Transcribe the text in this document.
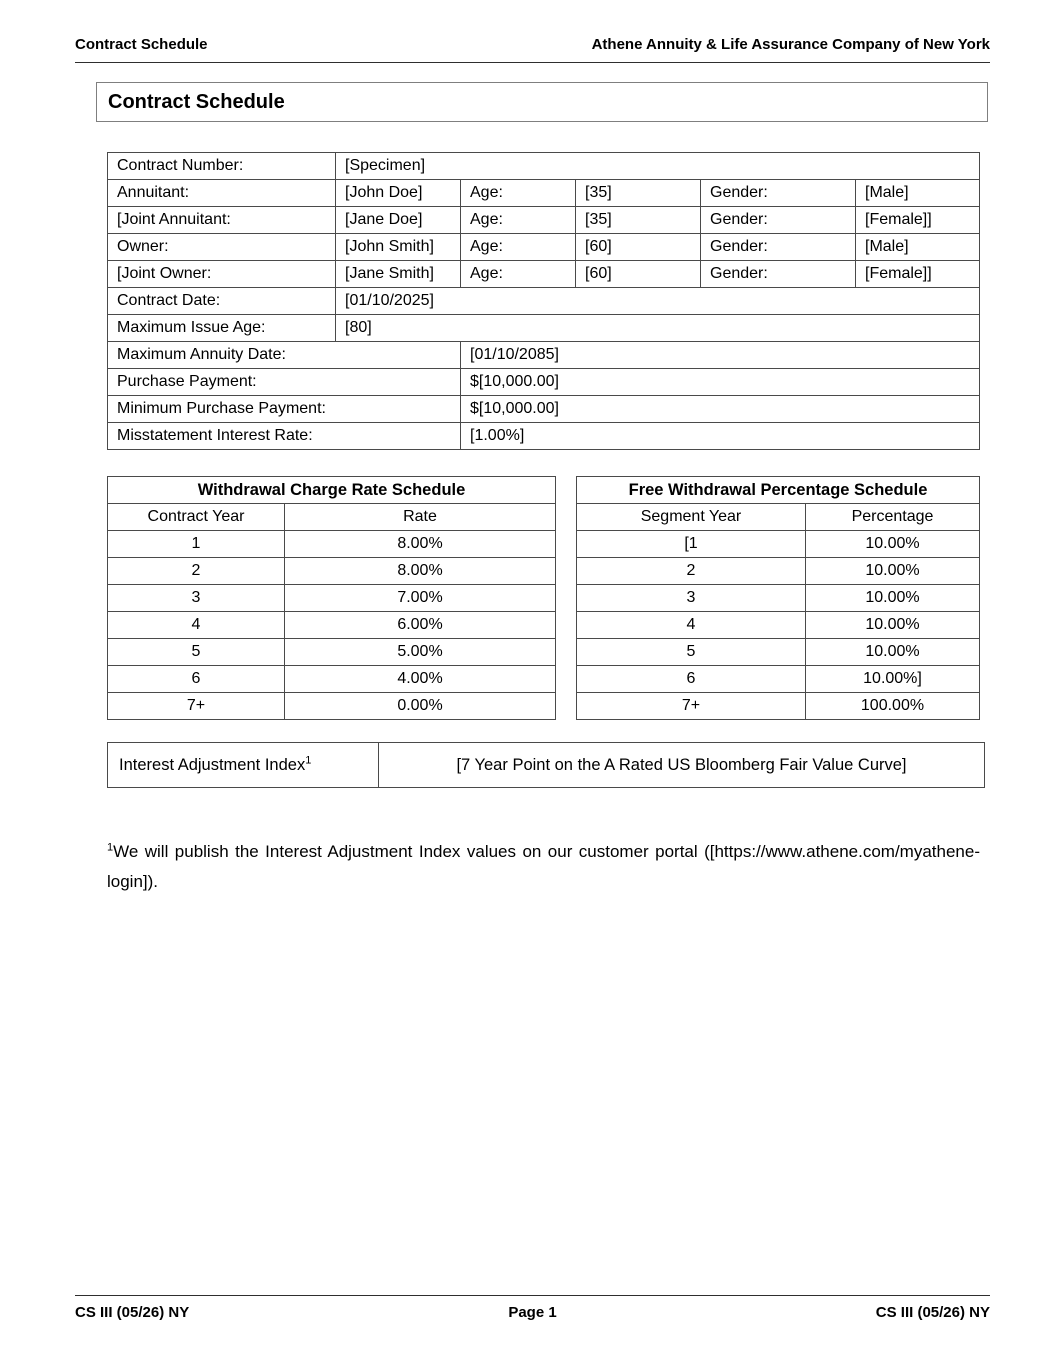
Contract Schedule	Athene Annuity & Life Assurance Company of New York
Contract Schedule
Contract Number:	[Specimen]				
Annuitant:	[John Doe]	Age:	[35]	Gender:	[Male]
[Joint Annuitant:	[Jane Doe]	Age:	[35]	Gender:	[Female]]
Owner:	[John Smith]	Age:	[60]	Gender:	[Male]
[Joint Owner:	[Jane Smith]	Age:	[60]	Gender:	[Female]]
Contract Date:	[01/10/2025]				
Maximum Issue Age:	[80]				
Maximum Annuity Date:		[01/10/2085]			
Purchase Payment:		$[10,000.00]			
Minimum Purchase Payment:		$[10,000.00]			
Misstatement Interest Rate:		[1.00%]			
Withdrawal Charge Rate Schedule	
Contract Year	Rate
1	8.00%
2	8.00%
3	7.00%
4	6.00%
5	5.00%
6	4.00%
7+	0.00%
Free Withdrawal Percentage Schedule	
Segment Year	Percentage
[1	10.00%
2	10.00%
3	10.00%
4	10.00%
5	10.00%
6	10.00%]
7+	100.00%
Interest Adjustment Index$^1$	[7 Year Point on the A Rated US Bloomberg Fair Value Curve]

$^1$We will publish the Interest Adjustment Index values on our customer portal ([https://www.athene.com/myathene-login]).

CS III (05/26) NY	Page 1	CS III (05/26) NY
